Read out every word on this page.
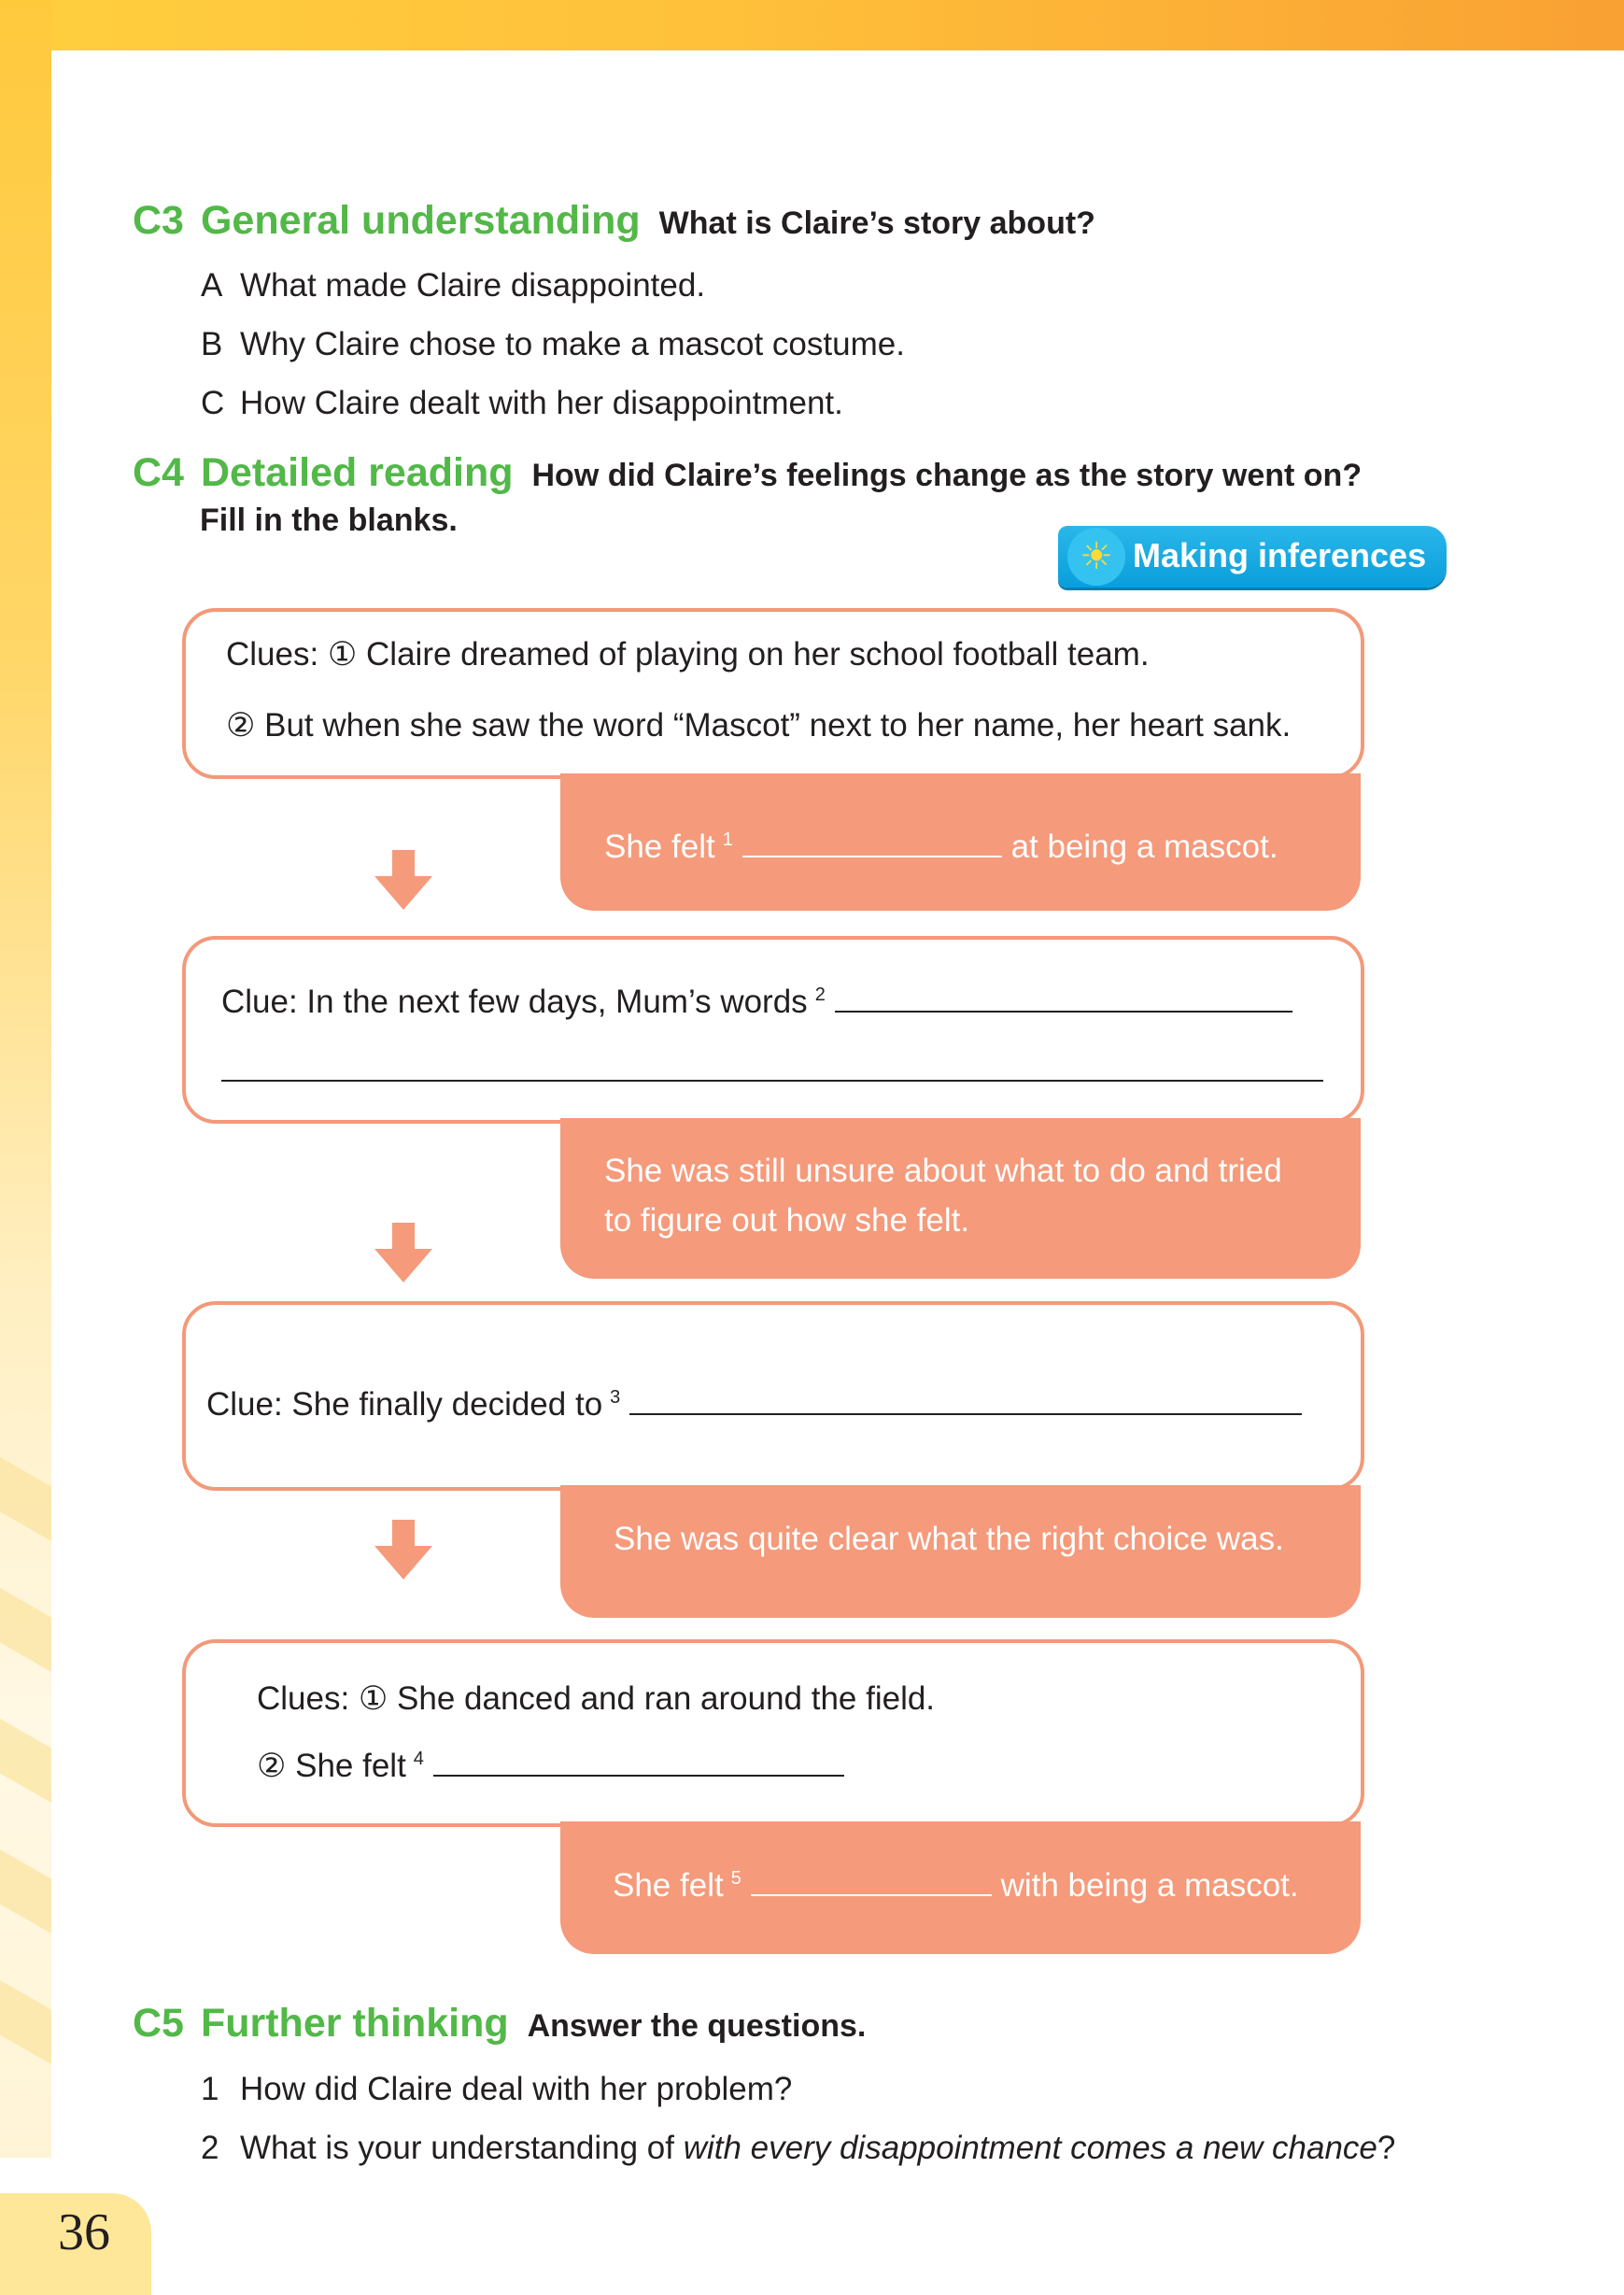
36
C3 General understanding What is Claire’s story about?
A What made Claire disappointed.
B Why Claire chose to make a mascot costume.
C How Claire dealt with her disappointment.
C4 Detailed reading How did Claire’s feelings change as the story went on?
Fill in the blanks.
☀ Making inferences
Clues: ① Claire dreamed of playing on her school football team.
② But when she saw the word “Mascot” next to her name, her heart sank.
She felt $^1$	at being a mascot.
Clue: In the next few days, Mum’s words $^2$
She was still unsure about what to do and tried
to figure out how she felt.
Clue: She finally decided to $^3$
She was quite clear what the right choice was.
Clues: ① She danced and ran around the field.
② She felt $^4$
She felt $^5$	with being a mascot.
C5 Further thinking Answer the questions.
1 How did Claire deal with her problem?
2 What is your understanding of with every disappointment comes a new chance?
